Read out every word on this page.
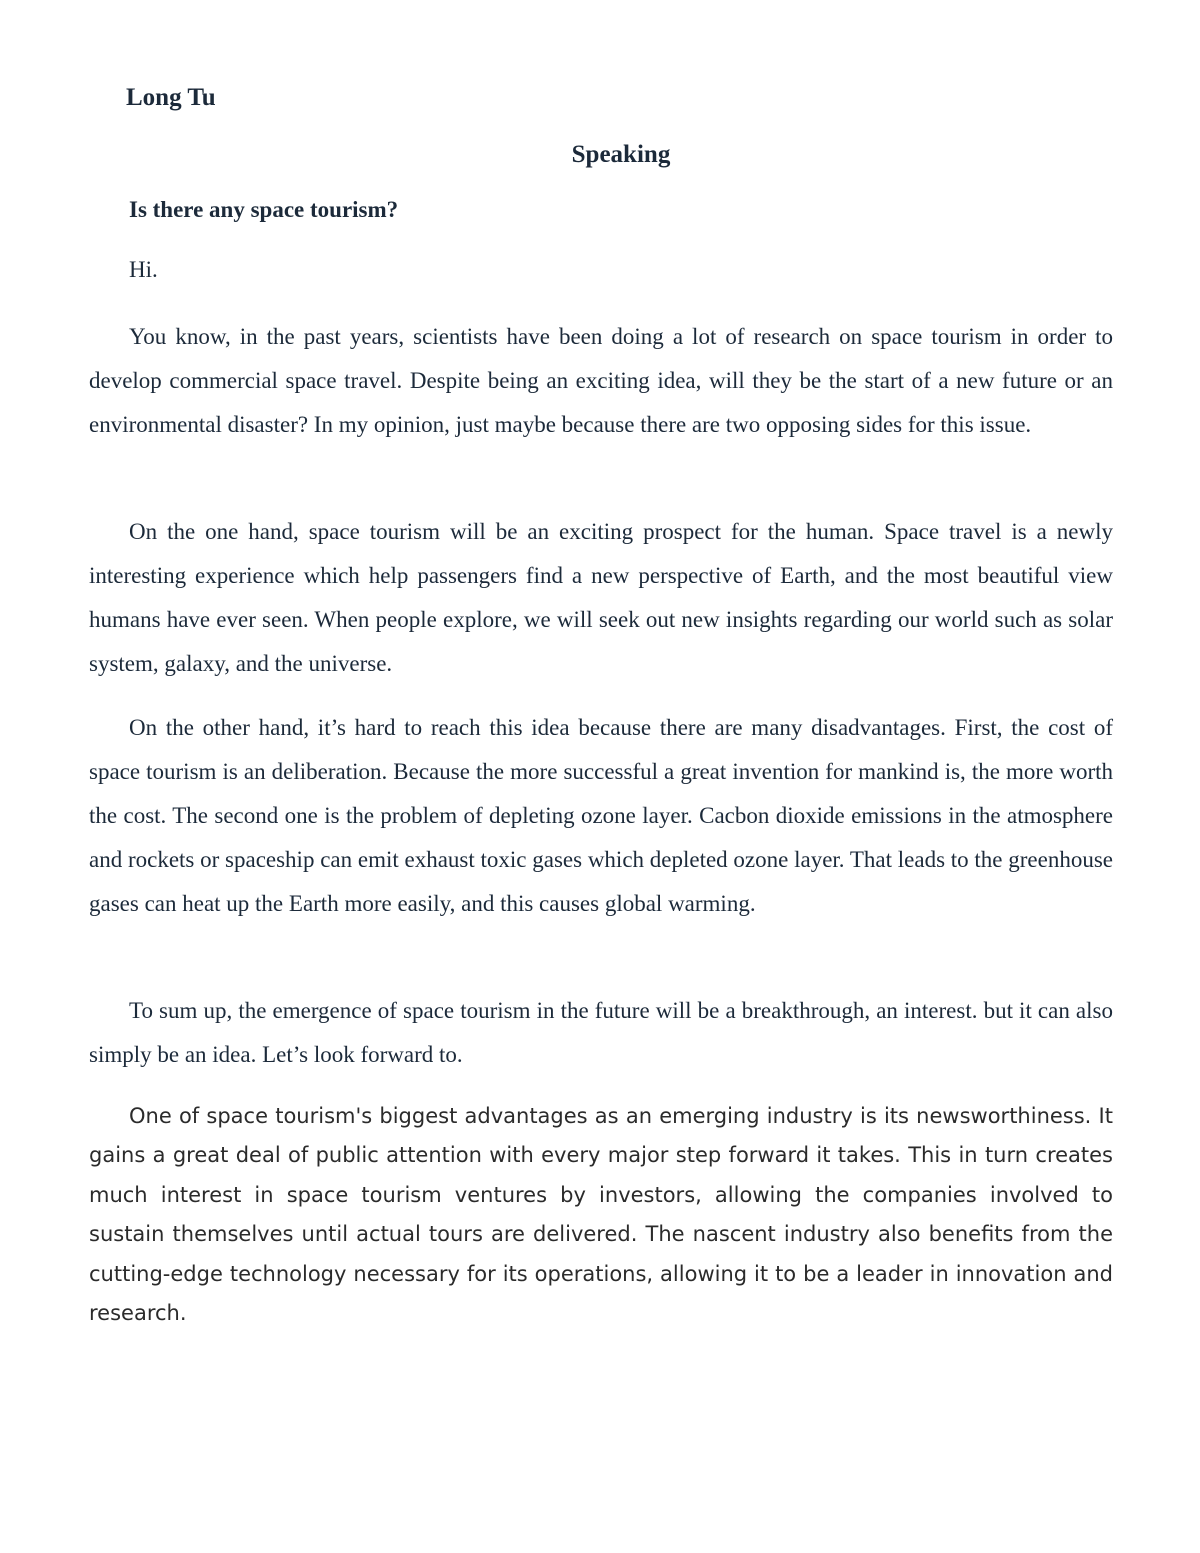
Long Tu

Speaking

Is there any space tourism?

Hi.

You know, in the past years, scientists have been doing a lot of research on space tourism in order to develop commercial space travel. Despite being an exciting idea, will they be the start of a new future or an environmental disaster? In my opinion, just maybe because there are two opposing sides for this issue.

On the one hand, space tourism will be an exciting prospect for the human. Space travel is a newly interesting experience which help passengers find a new perspective of Earth, and the most beautiful view humans have ever seen. When people explore, we will seek out new insights regarding our world such as solar system, galaxy, and the universe.

On the other hand, it’s hard to reach this idea because there are many disadvantages. First, the cost of space tourism is an deliberation. Because the more successful a great invention for mankind is, the more worth the cost. The second one is the problem of depleting ozone layer. Cacbon dioxide emissions in the atmosphere and rockets or spaceship can emit exhaust toxic gases which depleted ozone layer. That leads to the greenhouse gases can heat up the Earth more easily, and this causes global warming.

To sum up, the emergence of space tourism in the future will be a breakthrough, an interest. but it can also simply be an idea. Let’s look forward to.

One of space tourism's biggest advantages as an emerging industry is its newsworthiness. It gains a great deal of public attention with every major step forward it takes. This in turn creates much interest in space tourism ventures by investors, allowing the companies involved to sustain themselves until actual tours are delivered. The nascent industry also benefits from the cutting-edge technology necessary for its operations, allowing it to be a leader in innovation and research.
